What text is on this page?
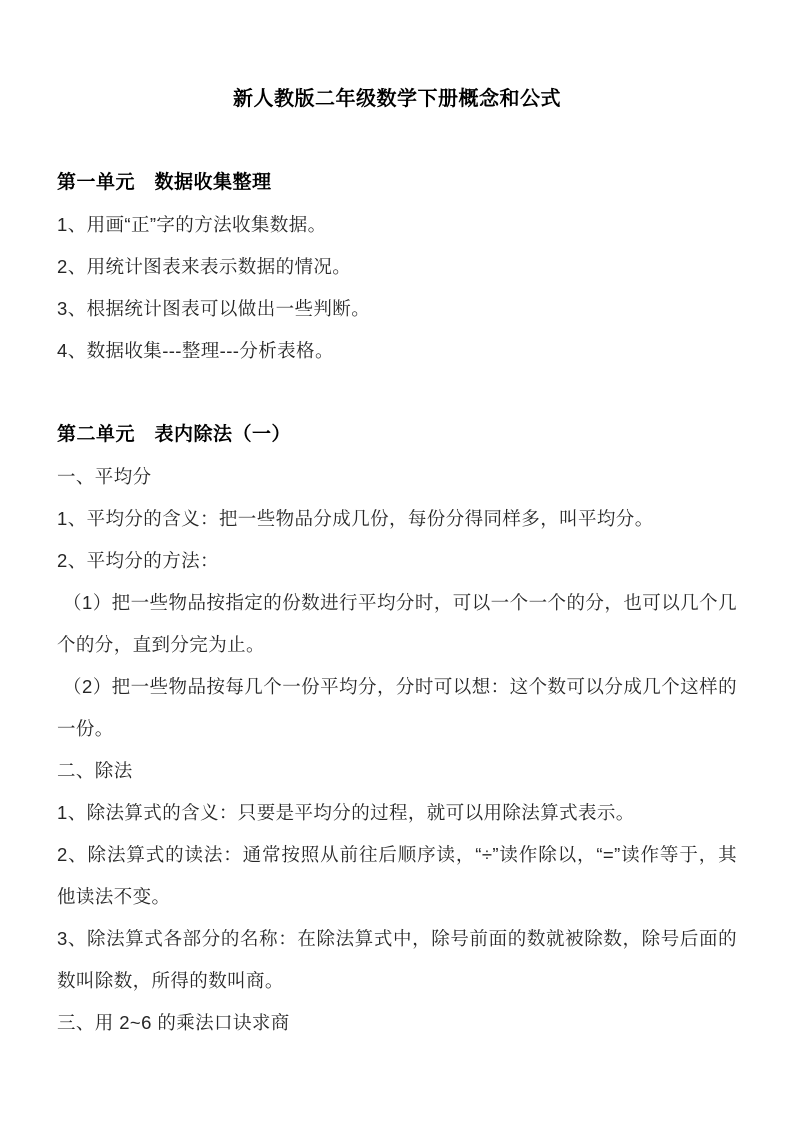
新人教版二年级数学下册概念和公式
第一单元　数据收集整理

1、用画“正”字的方法收集数据。

2、用统计图表来表示数据的情况。

3、根据统计图表可以做出一些判断。

4、数据收集---整理---分析表格。

第二单元　表内除法（一）

一、平均分

1、平均分的含义：把一些物品分成几份，每份分得同样多，叫平均分。

2、平均分的方法：

（1）把一些物品按指定的份数进行平均分时，可以一个一个的分，也可以几个几个的分，直到分完为止。

（2）把一些物品按每几个一份平均分，分时可以想：这个数可以分成几个这样的一份。

二、除法

1、除法算式的含义：只要是平均分的过程，就可以用除法算式表示。

2、除法算式的读法：通常按照从前往后顺序读，“÷”读作除以，“=”读作等于，其他读法不变。

3、除法算式各部分的名称：在除法算式中，除号前面的数就被除数，除号后面的数叫除数，所得的数叫商。

三、用 2~6 的乘法口诀求商
